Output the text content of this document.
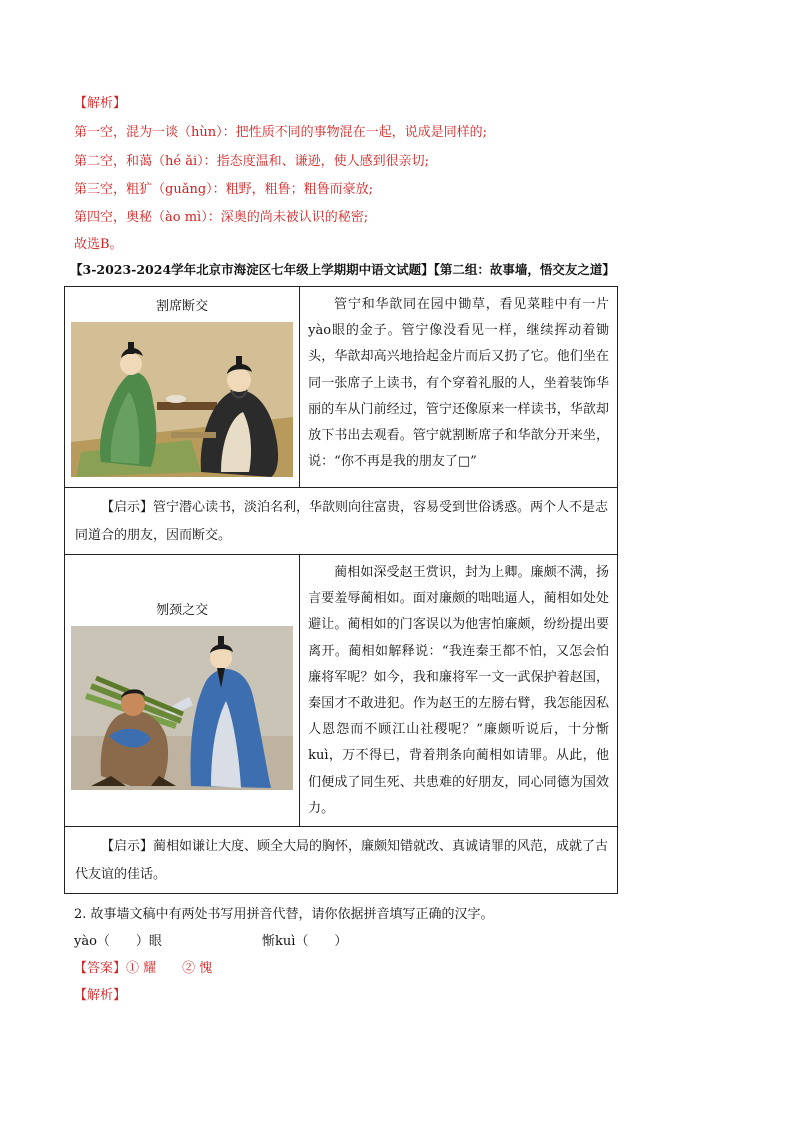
【解析】
第一空，混为一谈（hùn）：把性质不同的事物混在一起，说成是同样的;
第二空，和蔼（hé ǎi）：指态度温和、谦逊，使人感到很亲切;
第三空，粗犷（guǎng）：粗野，粗鲁；粗鲁而豪放;
第四空，奥秘（ào mì）：深奥的尚未被认识的秘密;
故选B。
【3-2023-2024学年北京市海淀区七年级上学期期中语文试题】【第二组：故事墙，悟交友之道】
割席断交	管宁和华歆同在园中锄草，看见菜畦中有一片yào眼的金子。管宁像没看见一样，继续挥动着锄头，华歆却高兴地拾起金片而后又扔了它。他们坐在同一张席子上读书，有个穿着礼服的人，坐着装饰华丽的车从门前经过，管宁还像原来一样读书，华歆却放下书出去观看。管宁就割断席子和华歆分开来坐，说：“你不再是我的朋友了□”

【启示】管宁潜心读书，淡泊名利，华歆则向往富贵，容易受到世俗诱惑。两个人不是志同道合的朋友，因而断交。	

刎颈之交	蔺相如深受赵王赏识，封为上卿。廉颇不满，扬言要羞辱蔺相如。面对廉颇的咄咄逼人，蔺相如处处避让。蔺相如的门客误以为他害怕廉颇，纷纷提出要离开。蔺相如解释说：“我连秦王都不怕，又怎会怕廉将军呢？如今，我和廉将军一文一武保护着赵国，秦国才不敢进犯。作为赵王的左膀右臂，我怎能因私人恩怨而不顾江山社稷呢？”廉颇听说后，十分惭kuì，万不得已，背着荆条向蔺相如请罪。从此，他们便成了同生死、共患难的好朋友，同心同德为国效力。

【启示】蔺相如谦让大度、顾全大局的胸怀，廉颇知错就改、真诚请罪的风范，成就了古代友谊的佳话。	
2. 故事墙文稿中有两处书写用拼音代替，请你依据拼音填写正确的汉字。
yào（　　）眼	惭kuì（　　）
【答案】① 耀　　② 愧
【解析】
